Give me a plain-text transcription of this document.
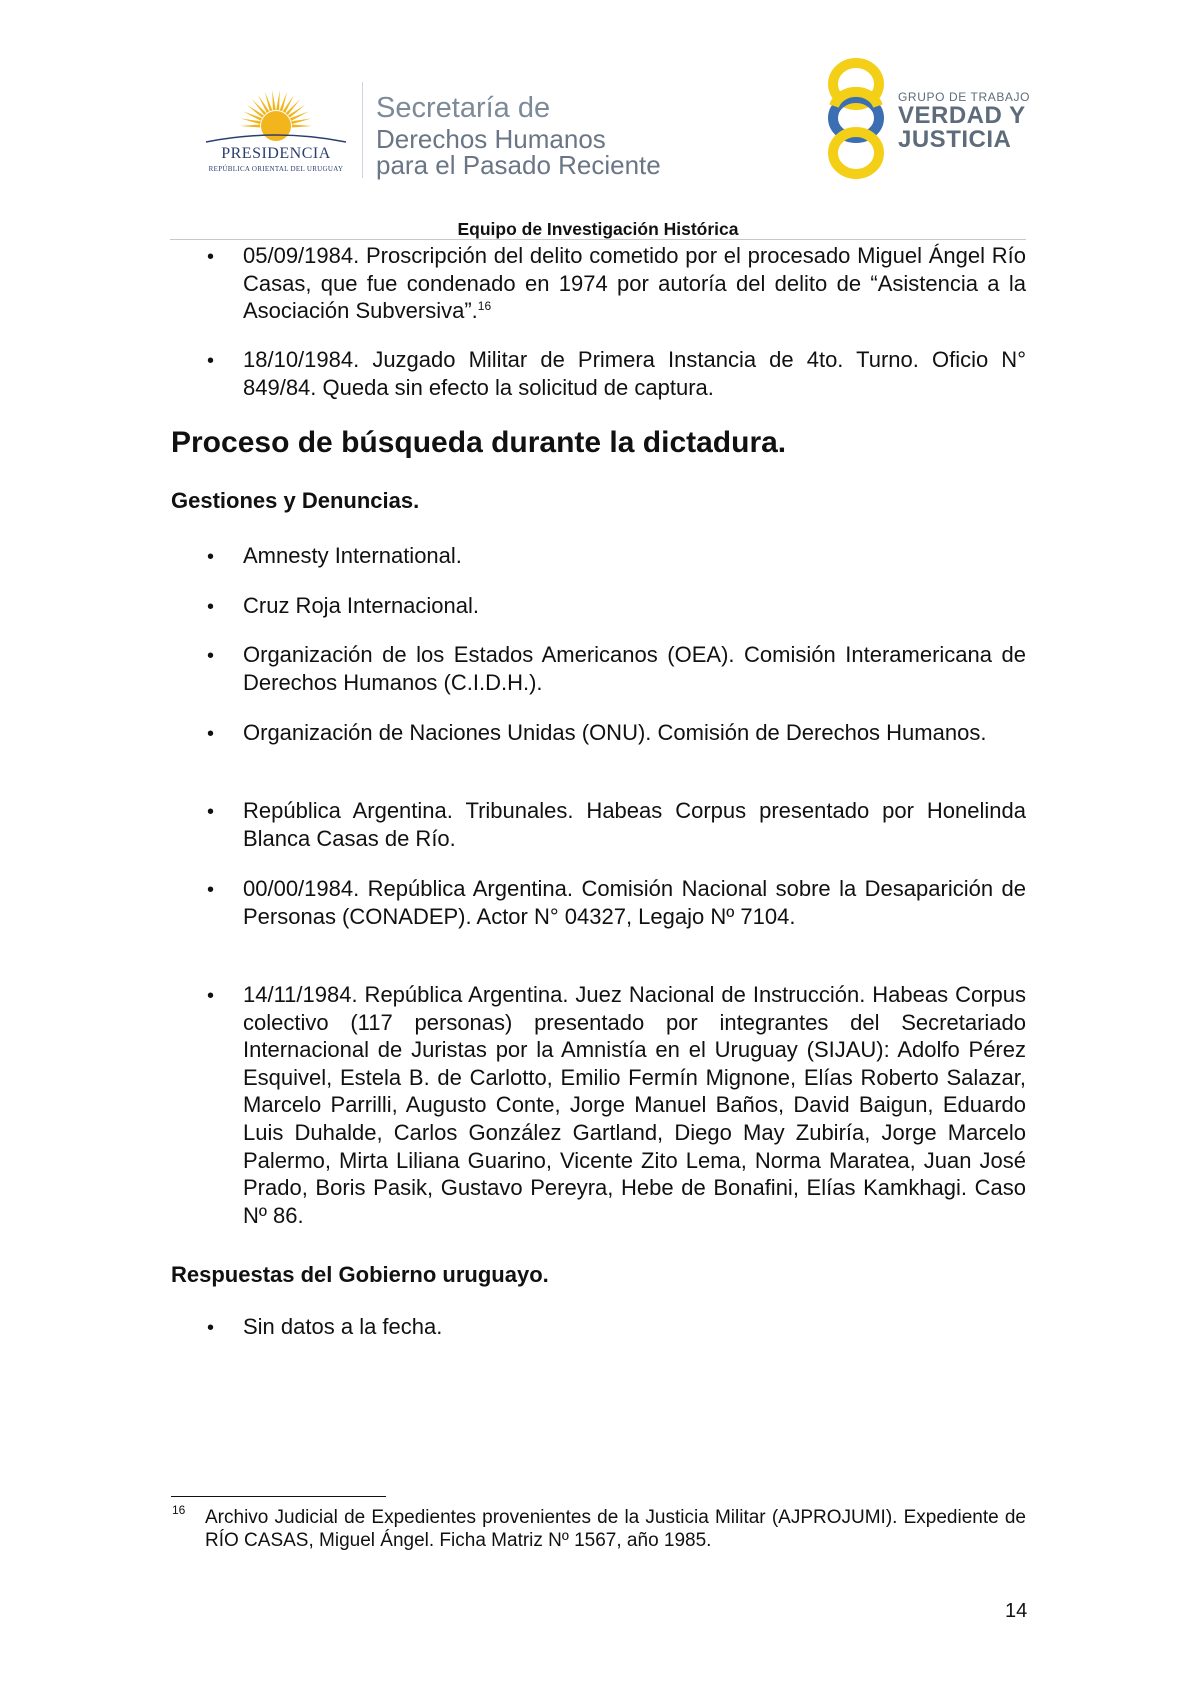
PRESIDENCIA
REPÚBLICA ORIENTAL DEL URUGUAY
Secretaría de
Derechos Humanos
para el Pasado Reciente
GRUPO DE TRABAJO
VERDAD Y
JUSTICIA
Equipo de Investigación Histórica
• 05/09/1984. Proscripción del delito cometido por el procesado Miguel Ángel Río Casas, que fue condenado en 1974 por autoría del delito de “Asistencia a la Asociación Subversiva”.$^{16}$
• 18/10/1984. Juzgado Militar de Primera Instancia de 4to. Turno. Oficio N° 849/84. Queda sin efecto la solicitud de captura.
Proceso de búsqueda durante la dictadura.
Gestiones y Denuncias.
• Amnesty International.
• Cruz Roja Internacional.
• Organización de los Estados Americanos (OEA). Comisión Interamericana de Derechos Humanos (C.I.D.H.).
• Organización de Naciones Unidas (ONU). Comisión de Derechos Humanos.
• República Argentina. Tribunales. Habeas Corpus presentado por Honelinda Blanca Casas de Río.
• 00/00/1984. República Argentina. Comisión Nacional sobre la Desaparición de Personas (CONADEP). Actor N° 04327, Legajo Nº 7104.
• 14/11/1984. República Argentina. Juez Nacional de Instrucción. Habeas Corpus colectivo (117 personas) presentado por integrantes del Secretariado Internacional de Juristas por la Amnistía en el Uruguay (SIJAU): Adolfo Pérez Esquivel, Estela B. de Carlotto, Emilio Fermín Mignone, Elías Roberto Salazar, Marcelo Parrilli, Augusto Conte, Jorge Manuel Baños, David Baigun, Eduardo Luis Duhalde, Carlos González Gartland, Diego May Zubiría, Jorge Marcelo Palermo, Mirta Liliana Guarino, Vicente Zito Lema, Norma Maratea, Juan José Prado, Boris Pasik, Gustavo Pereyra, Hebe de Bonafini, Elías Kamkhagi. Caso Nº 86.
Respuestas del Gobierno uruguayo.
• Sin datos a la fecha.
16 Archivo Judicial de Expedientes provenientes de la Justicia Militar (AJPROJUMI). Expediente de RÍO CASAS, Miguel Ángel. Ficha Matriz Nº 1567, año 1985.
14
